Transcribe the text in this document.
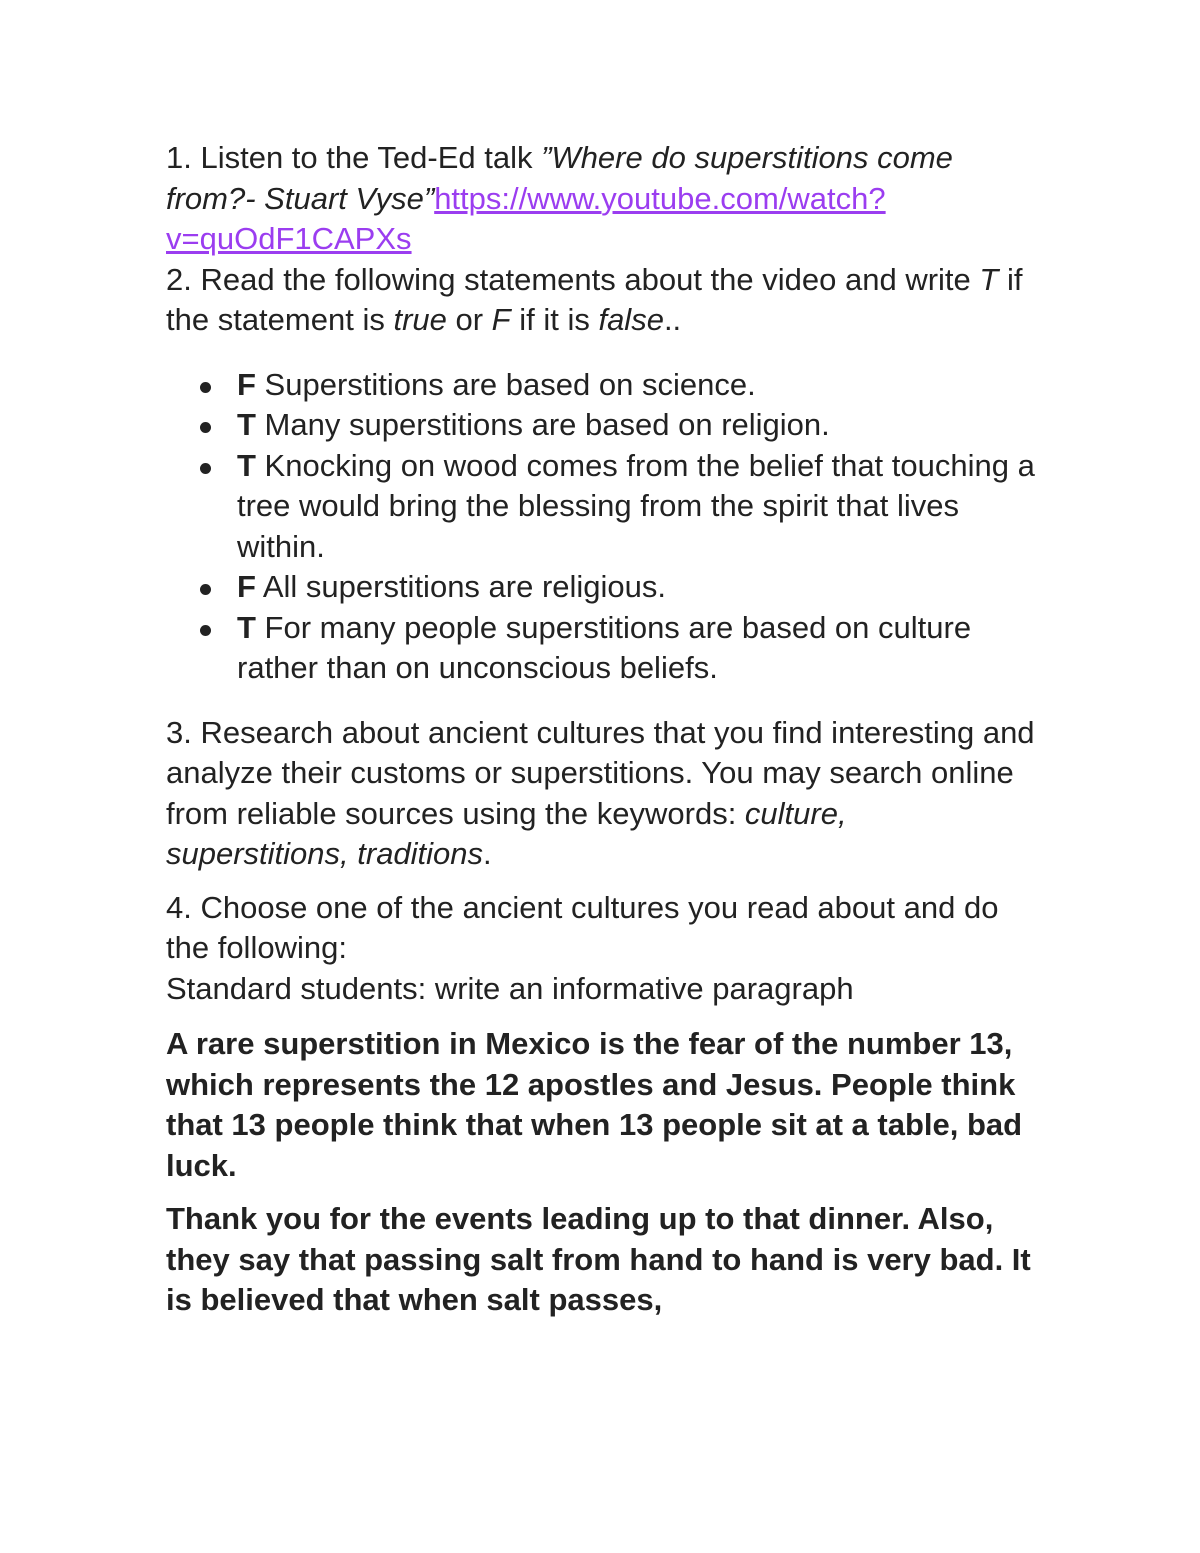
1. Listen to the Ted-Ed talk ”Where do superstitions come from?- Stuart Vyse”https://www.youtube.com/watch?v=quOdF1CAPXs

2. Read the following statements about the video and write T if the statement is true or F if it is false..

F Superstitions are based on science.
T Many superstitions are based on religion.
T Knocking on wood comes from the belief that touching a tree would bring the blessing from the spirit that lives within.
F All superstitions are religious.
T For many people superstitions are based on culture rather than on unconscious beliefs.

3. Research about ancient cultures that you find interesting and analyze their customs or superstitions. You may search online from reliable sources using the keywords: culture, superstitions, traditions.

4. Choose one of the ancient cultures you read about and do the following:
Standard students: write an informative paragraph

A rare superstition in Mexico is the fear of the number 13, which represents the 12 apostles and Jesus. People think that 13 people think that when 13 people sit at a table, bad luck.

Thank you for the events leading up to that dinner. Also, they say that passing salt from hand to hand is very bad. It is believed that when salt passes,
